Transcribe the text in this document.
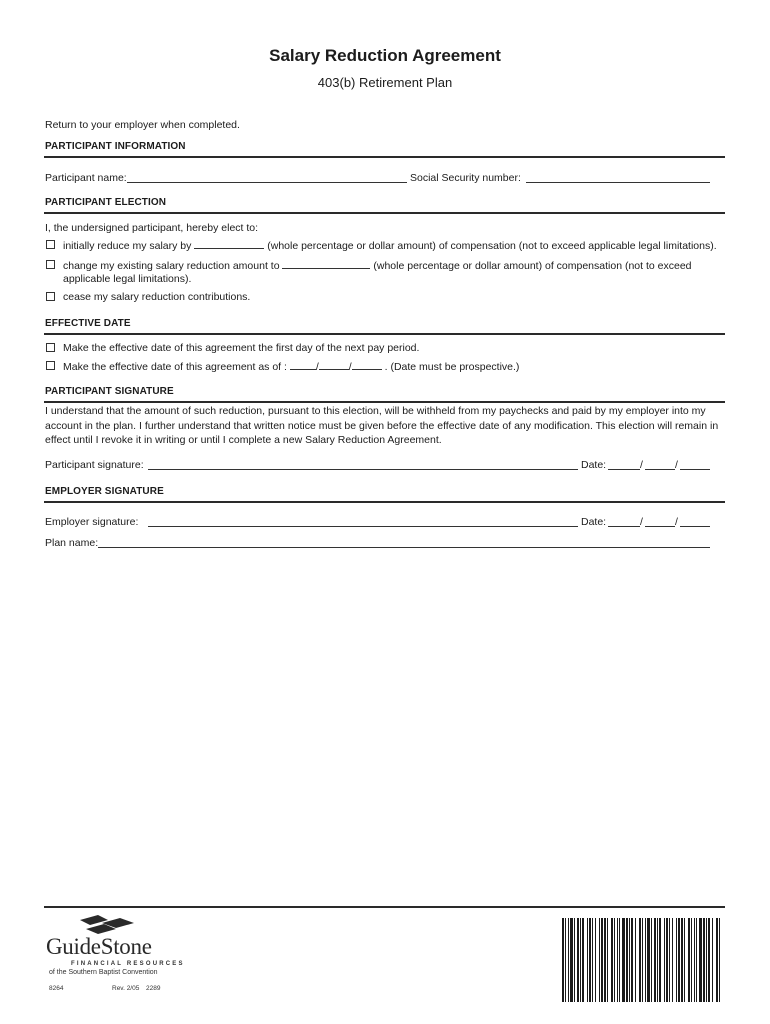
Salary Reduction Agreement
403(b) Retirement Plan
Return to your employer when completed.
PARTICIPANT INFORMATION
Participant name:	Social Security number:
PARTICIPANT ELECTION
I, the undersigned participant, hereby elect to:
initially reduce my salary by	(whole percentage or dollar amount) of compensation (not to exceed applicable legal limitations).
change my existing salary reduction amount to	(whole percentage or dollar amount) of compensation (not to exceed
applicable legal limitations).
cease my salary reduction contributions.
EFFECTIVE DATE
Make the effective date of this agreement the first day of the next pay period.
Make the effective date of this agreement as of :	/	/	. (Date must be prospective.)
PARTICIPANT SIGNATURE
I understand that the amount of such reduction, pursuant to this election, will be withheld from my paychecks and paid by my employer into my account in the plan. I further understand that written notice must be given before the effective date of any modification. This election will remain in effect until I revoke it in writing or until I complete a new Salary Reduction Agreement.
Participant signature:	Date:	/	/
EMPLOYER SIGNATURE
Employer signature:	Date:	/	/
Plan name:
GuideStone
FINANCIAL RESOURCES
of the Southern Baptist Convention
8264	Rev. 2/05 2289
